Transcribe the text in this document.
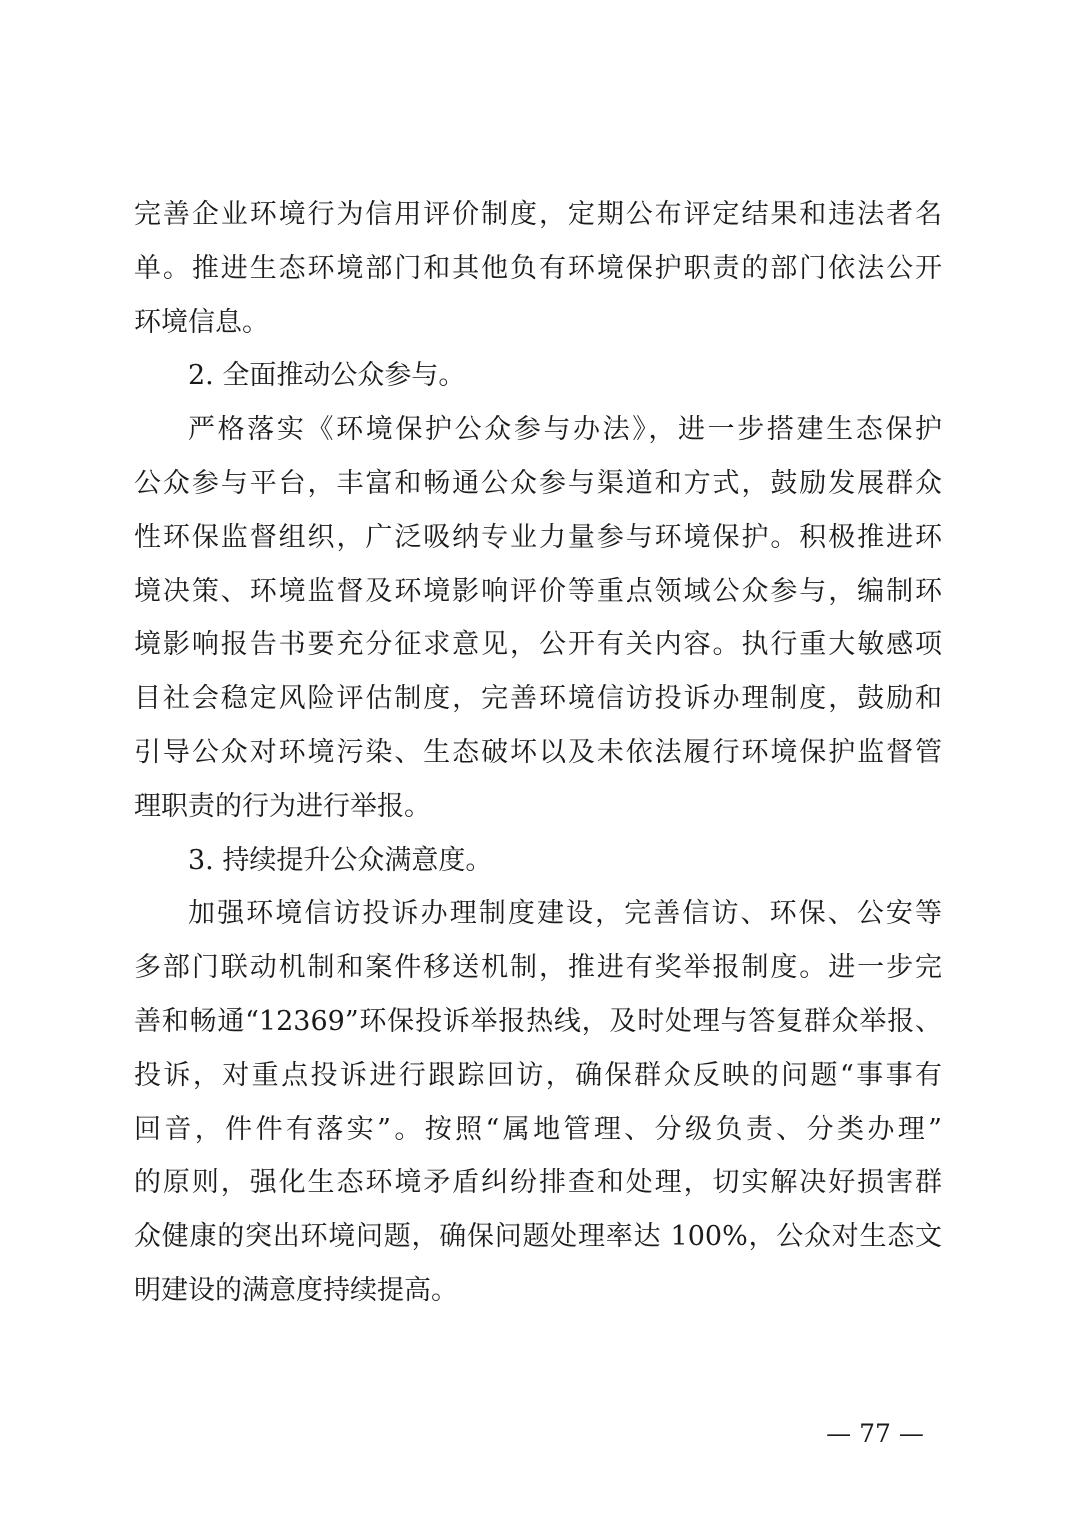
完善企业环境行为信用评价制度，定期公布评定结果和违法者名
单。推进生态环境部门和其他负有环境保护职责的部门依法公开
环境信息。
2. 全面推动公众参与。
严格落实《环境保护公众参与办法》，进一步搭建生态保护
公众参与平台，丰富和畅通公众参与渠道和方式，鼓励发展群众
性环保监督组织，广泛吸纳专业力量参与环境保护。积极推进环
境决策、环境监督及环境影响评价等重点领域公众参与，编制环
境影响报告书要充分征求意见，公开有关内容。执行重大敏感项
目社会稳定风险评估制度，完善环境信访投诉办理制度，鼓励和
引导公众对环境污染、生态破坏以及未依法履行环境保护监督管
理职责的行为进行举报。
3. 持续提升公众满意度。
加强环境信访投诉办理制度建设，完善信访、环保、公安等
多部门联动机制和案件移送机制，推进有奖举报制度。进一步完
善和畅通“12369”环保投诉举报热线，及时处理与答复群众举报、
投诉，对重点投诉进行跟踪回访，确保群众反映的问题“事事有
回音，件件有落实”。按照“属地管理、分级负责、分类办理”
的原则，强化生态环境矛盾纠纷排查和处理，切实解决好损害群
众健康的突出环境问题，确保问题处理率达 100%，公众对生态文
明建设的满意度持续提高。
— 77 —
